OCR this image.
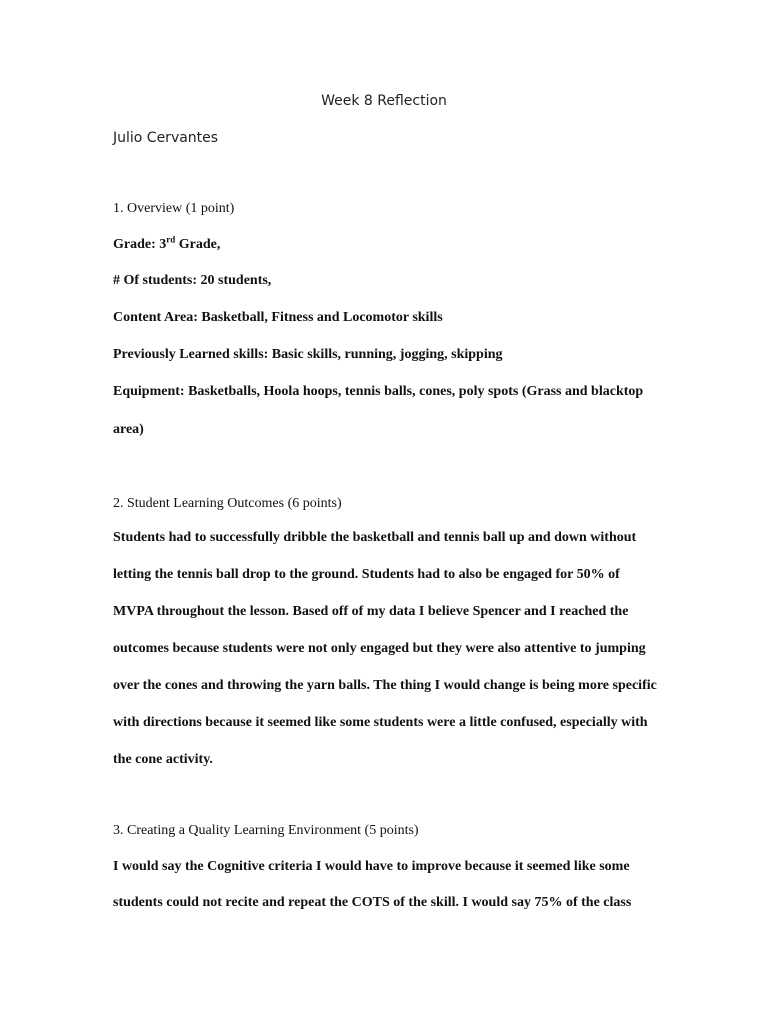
Week 8 Reflection
Julio Cervantes
1. Overview (1 point)
Grade: 3rd Grade,
# Of students: 20 students,
Content Area: Basketball, Fitness and Locomotor skills
Previously Learned skills: Basic skills, running, jogging, skipping
Equipment: Basketballs, Hoola hoops, tennis balls, cones, poly spots (Grass and blacktop
area)
2. Student Learning Outcomes (6 points)
Students had to successfully dribble the basketball and tennis ball up and down without
letting the tennis ball drop to the ground. Students had to also be engaged for 50% of
MVPA throughout the lesson. Based off of my data I believe Spencer and I reached the
outcomes because students were not only engaged but they were also attentive to jumping
over the cones and throwing the yarn balls. The thing I would change is being more specific
with directions because it seemed like some students were a little confused, especially with
the cone activity.
3. Creating a Quality Learning Environment (5 points)
I would say the Cognitive criteria I would have to improve because it seemed like some
students could not recite and repeat the COTS of the skill. I would say 75% of the class
